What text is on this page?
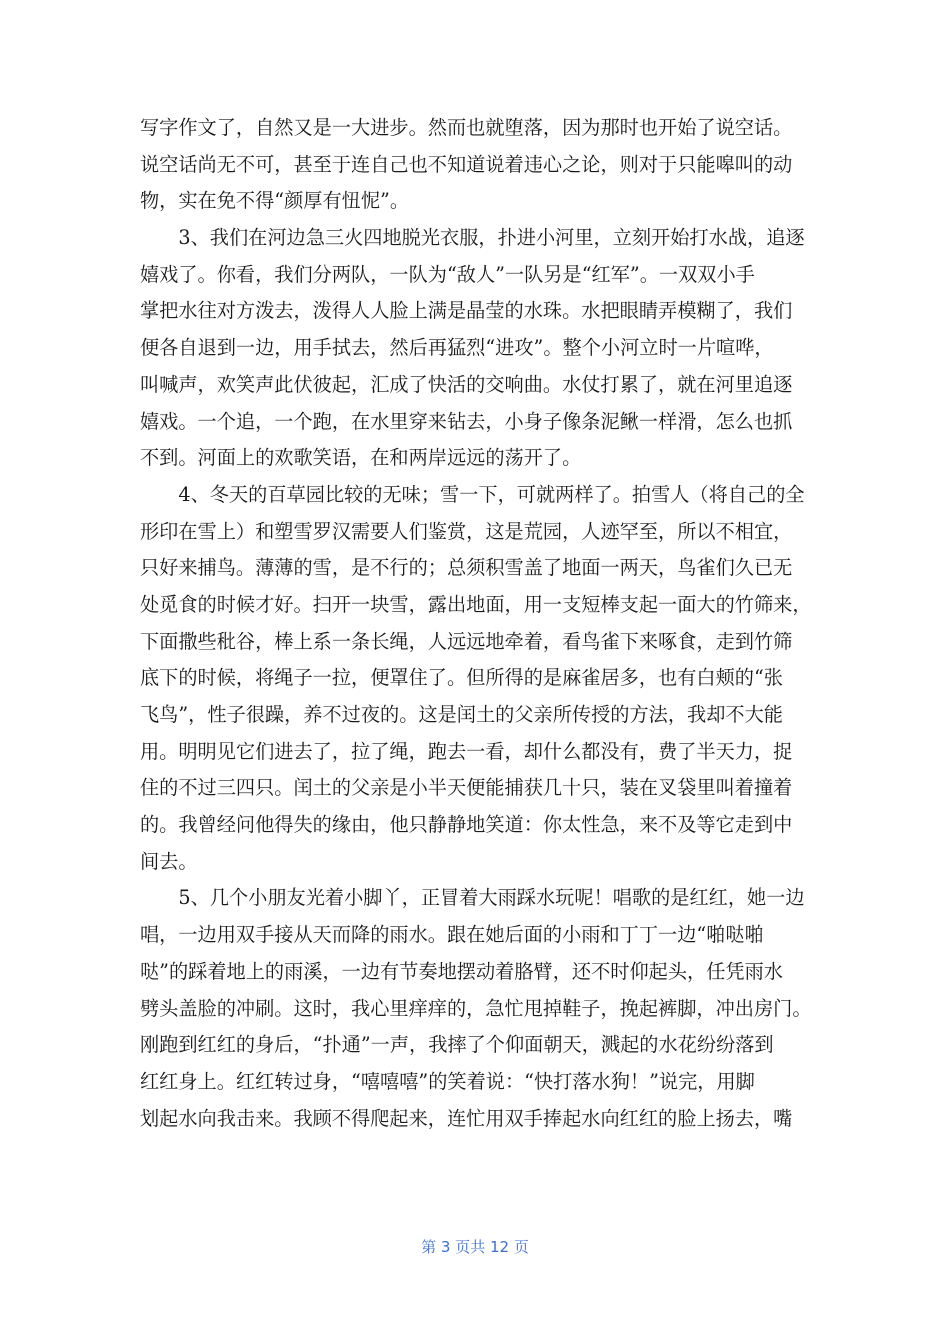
写字作文了，自然又是一大进步。然而也就堕落，因为那时也开始了说空话。
说空话尚无不可，甚至于连自己也不知道说着违心之论，则对于只能嗥叫的动
物，实在免不得“颜厚有忸怩”。
　　3、我们在河边急三火四地脱光衣服，扑进小河里，立刻开始打水战，追逐
嬉戏了。你看，我们分两队，一队为“敌人”一队另是“红军”。一双双小手
掌把水往对方泼去，泼得人人脸上满是晶莹的水珠。水把眼睛弄模糊了，我们
便各自退到一边，用手拭去，然后再猛烈“进攻”。整个小河立时一片喧哗，
叫喊声，欢笑声此伏彼起，汇成了快活的交响曲。水仗打累了，就在河里追逐
嬉戏。一个追，一个跑，在水里穿来钻去，小身子像条泥鳅一样滑，怎么也抓
不到。河面上的欢歌笑语，在和两岸远远的荡开了。
　　4、冬天的百草园比较的无味；雪一下，可就两样了。拍雪人（将自己的全
形印在雪上）和塑雪罗汉需要人们鉴赏，这是荒园，人迹罕至，所以不相宜，
只好来捕鸟。薄薄的雪，是不行的；总须积雪盖了地面一两天，鸟雀们久已无
处觅食的时候才好。扫开一块雪，露出地面，用一支短棒支起一面大的竹筛来，
下面撒些秕谷，棒上系一条长绳，人远远地牵着，看鸟雀下来啄食，走到竹筛
底下的时候，将绳子一拉，便罩住了。但所得的是麻雀居多，也有白颊的“张
飞鸟”，性子很躁，养不过夜的。这是闰土的父亲所传授的方法，我却不大能
用。明明见它们进去了，拉了绳，跑去一看，却什么都没有，费了半天力，捉
住的不过三四只。闰土的父亲是小半天便能捕获几十只，装在叉袋里叫着撞着
的。我曾经问他得失的缘由，他只静静地笑道：你太性急，来不及等它走到中
间去。
　　5、几个小朋友光着小脚丫，正冒着大雨踩水玩呢！唱歌的是红红，她一边
唱，一边用双手接从天而降的雨水。跟在她后面的小雨和丁丁一边“啪哒啪
哒”的踩着地上的雨溪，一边有节奏地摆动着胳臂，还不时仰起头，任凭雨水
劈头盖脸的冲刷。这时，我心里痒痒的，急忙甩掉鞋子，挽起裤脚，冲出房门。
刚跑到红红的身后，“扑通”一声，我摔了个仰面朝天，溅起的水花纷纷落到
红红身上。红红转过身，“嘻嘻嘻”的笑着说：“快打落水狗！”说完，用脚
划起水向我击来。我顾不得爬起来，连忙用双手捧起水向红红的脸上扬去，嘴
第 3 页共 12 页
